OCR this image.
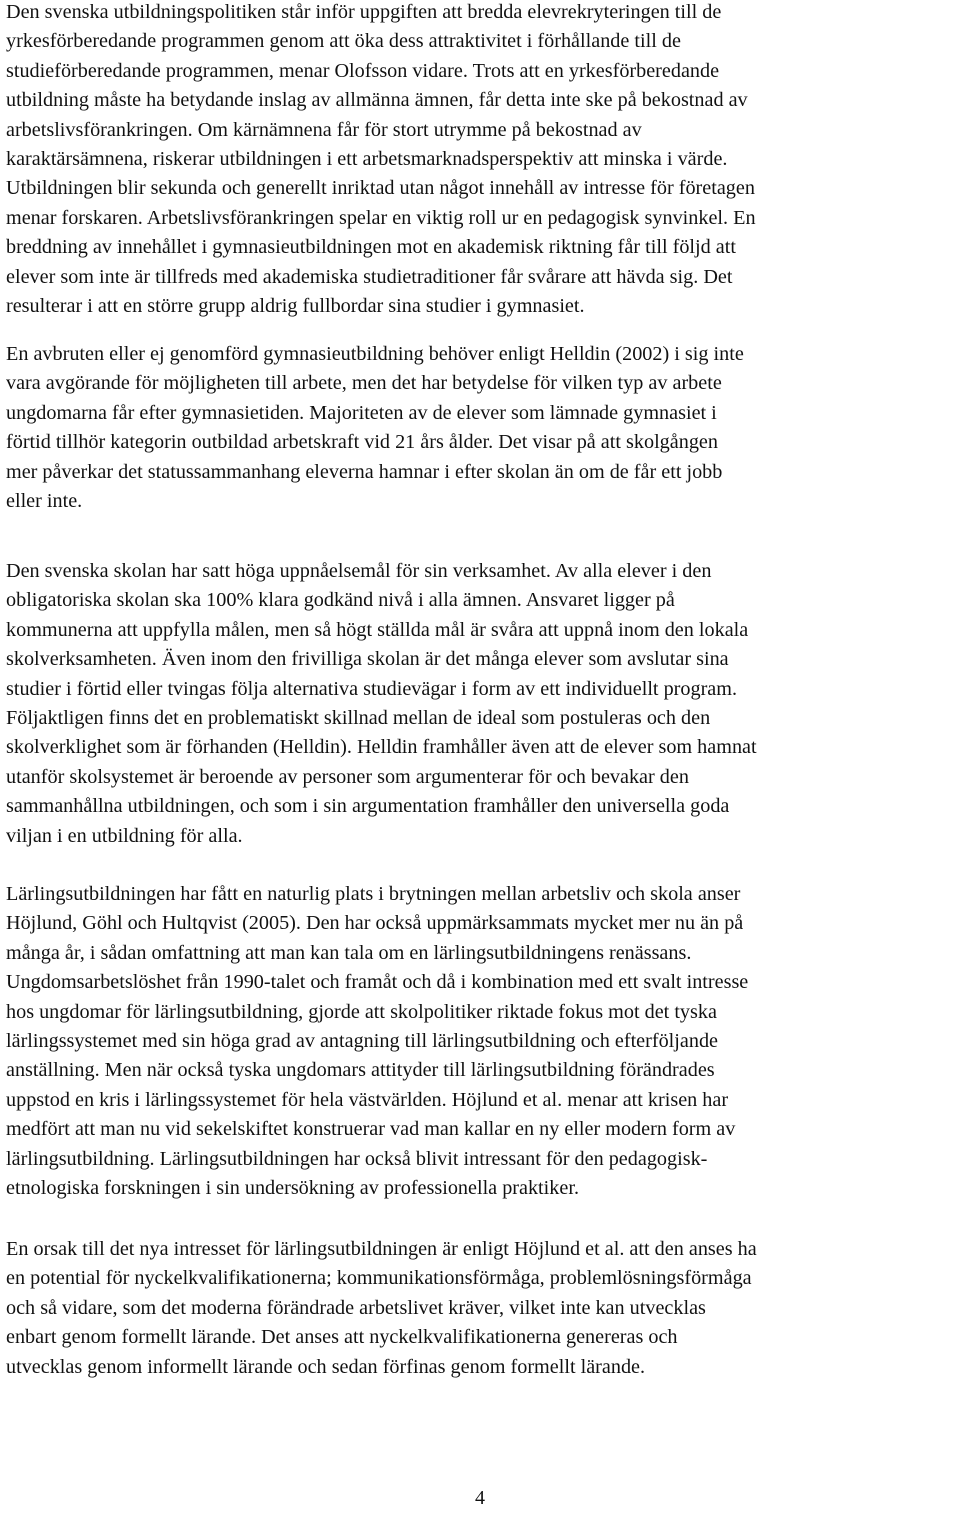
Den svenska utbildningspolitiken står inför uppgiften att bredda elevrekryteringen till de
yrkesförberedande programmen genom att öka dess attraktivitet i förhållande till de
studieförberedande programmen, menar Olofsson vidare. Trots att en yrkesförberedande
utbildning måste ha betydande inslag av allmänna ämnen, får detta inte ske på bekostnad av
arbetslivsförankringen. Om kärnämnena får för stort utrymme på bekostnad av
karaktärsämnena, riskerar utbildningen i ett arbetsmarknadsperspektiv att minska i värde.
Utbildningen blir sekunda och generellt inriktad utan något innehåll av intresse för företagen
menar forskaren. Arbetslivsförankringen spelar en viktig roll ur en pedagogisk synvinkel. En
breddning av innehållet i gymnasieutbildningen mot en akademisk riktning får till följd att
elever som inte är tillfreds med akademiska studietraditioner får svårare att hävda sig. Det
resulterar i att en större grupp aldrig fullbordar sina studier i gymnasiet.
En avbruten eller ej genomförd gymnasieutbildning behöver enligt Helldin (2002) i sig inte
vara avgörande för möjligheten till arbete, men det har betydelse för vilken typ av arbete
ungdomarna får efter gymnasietiden. Majoriteten av de elever som lämnade gymnasiet i
förtid tillhör kategorin outbildad arbetskraft vid 21 års ålder. Det visar på att skolgången
mer påverkar det statussammanhang eleverna hamnar i efter skolan än om de får ett jobb
eller inte.
Den svenska skolan har satt höga uppnåelsemål för sin verksamhet. Av alla elever i den
obligatoriska skolan ska 100% klara godkänd nivå i alla ämnen. Ansvaret ligger på
kommunerna att uppfylla målen, men så högt ställda mål är svåra att uppnå inom den lokala
skolverksamheten. Även inom den frivilliga skolan är det många elever som avslutar sina
studier i förtid eller tvingas följa alternativa studievägar i form av ett individuellt program.
Följaktligen finns det en problematiskt skillnad mellan de ideal som postuleras och den
skolverklighet som är förhanden (Helldin). Helldin framhåller även att de elever som hamnat
utanför skolsystemet är beroende av personer som argumenterar för och bevakar den
sammanhållna utbildningen, och som i sin argumentation framhåller den universella goda
viljan i en utbildning för alla.
Lärlingsutbildningen har fått en naturlig plats i brytningen mellan arbetsliv och skola anser
Höjlund, Göhl och Hultqvist (2005). Den har också uppmärksammats mycket mer nu än på
många år, i sådan omfattning att man kan tala om en lärlingsutbildningens renässans.
Ungdomsarbetslöshet från 1990-talet och framåt och då i kombination med ett svalt intresse
hos ungdomar för lärlingsutbildning, gjorde att skolpolitiker riktade fokus mot det tyska
lärlingssystemet med sin höga grad av antagning till lärlingsutbildning och efterföljande
anställning. Men när också tyska ungdomars attityder till lärlingsutbildning förändrades
uppstod en kris i lärlingssystemet för hela västvärlden. Höjlund et al. menar att krisen har
medfört att man nu vid sekelskiftet konstruerar vad man kallar en ny eller modern form av
lärlingsutbildning. Lärlingsutbildningen har också blivit intressant för den pedagogisk-
etnologiska forskningen i sin undersökning av professionella praktiker.
En orsak till det nya intresset för lärlingsutbildningen är enligt Höjlund et al. att den anses ha
en potential för nyckelkvalifikationerna; kommunikationsförmåga, problemlösningsförmåga
och så vidare, som det moderna förändrade arbetslivet kräver, vilket inte kan utvecklas
enbart genom formellt lärande. Det anses att nyckelkvalifikationerna genereras och
utvecklas genom informellt lärande och sedan förfinas genom formellt lärande.
4
